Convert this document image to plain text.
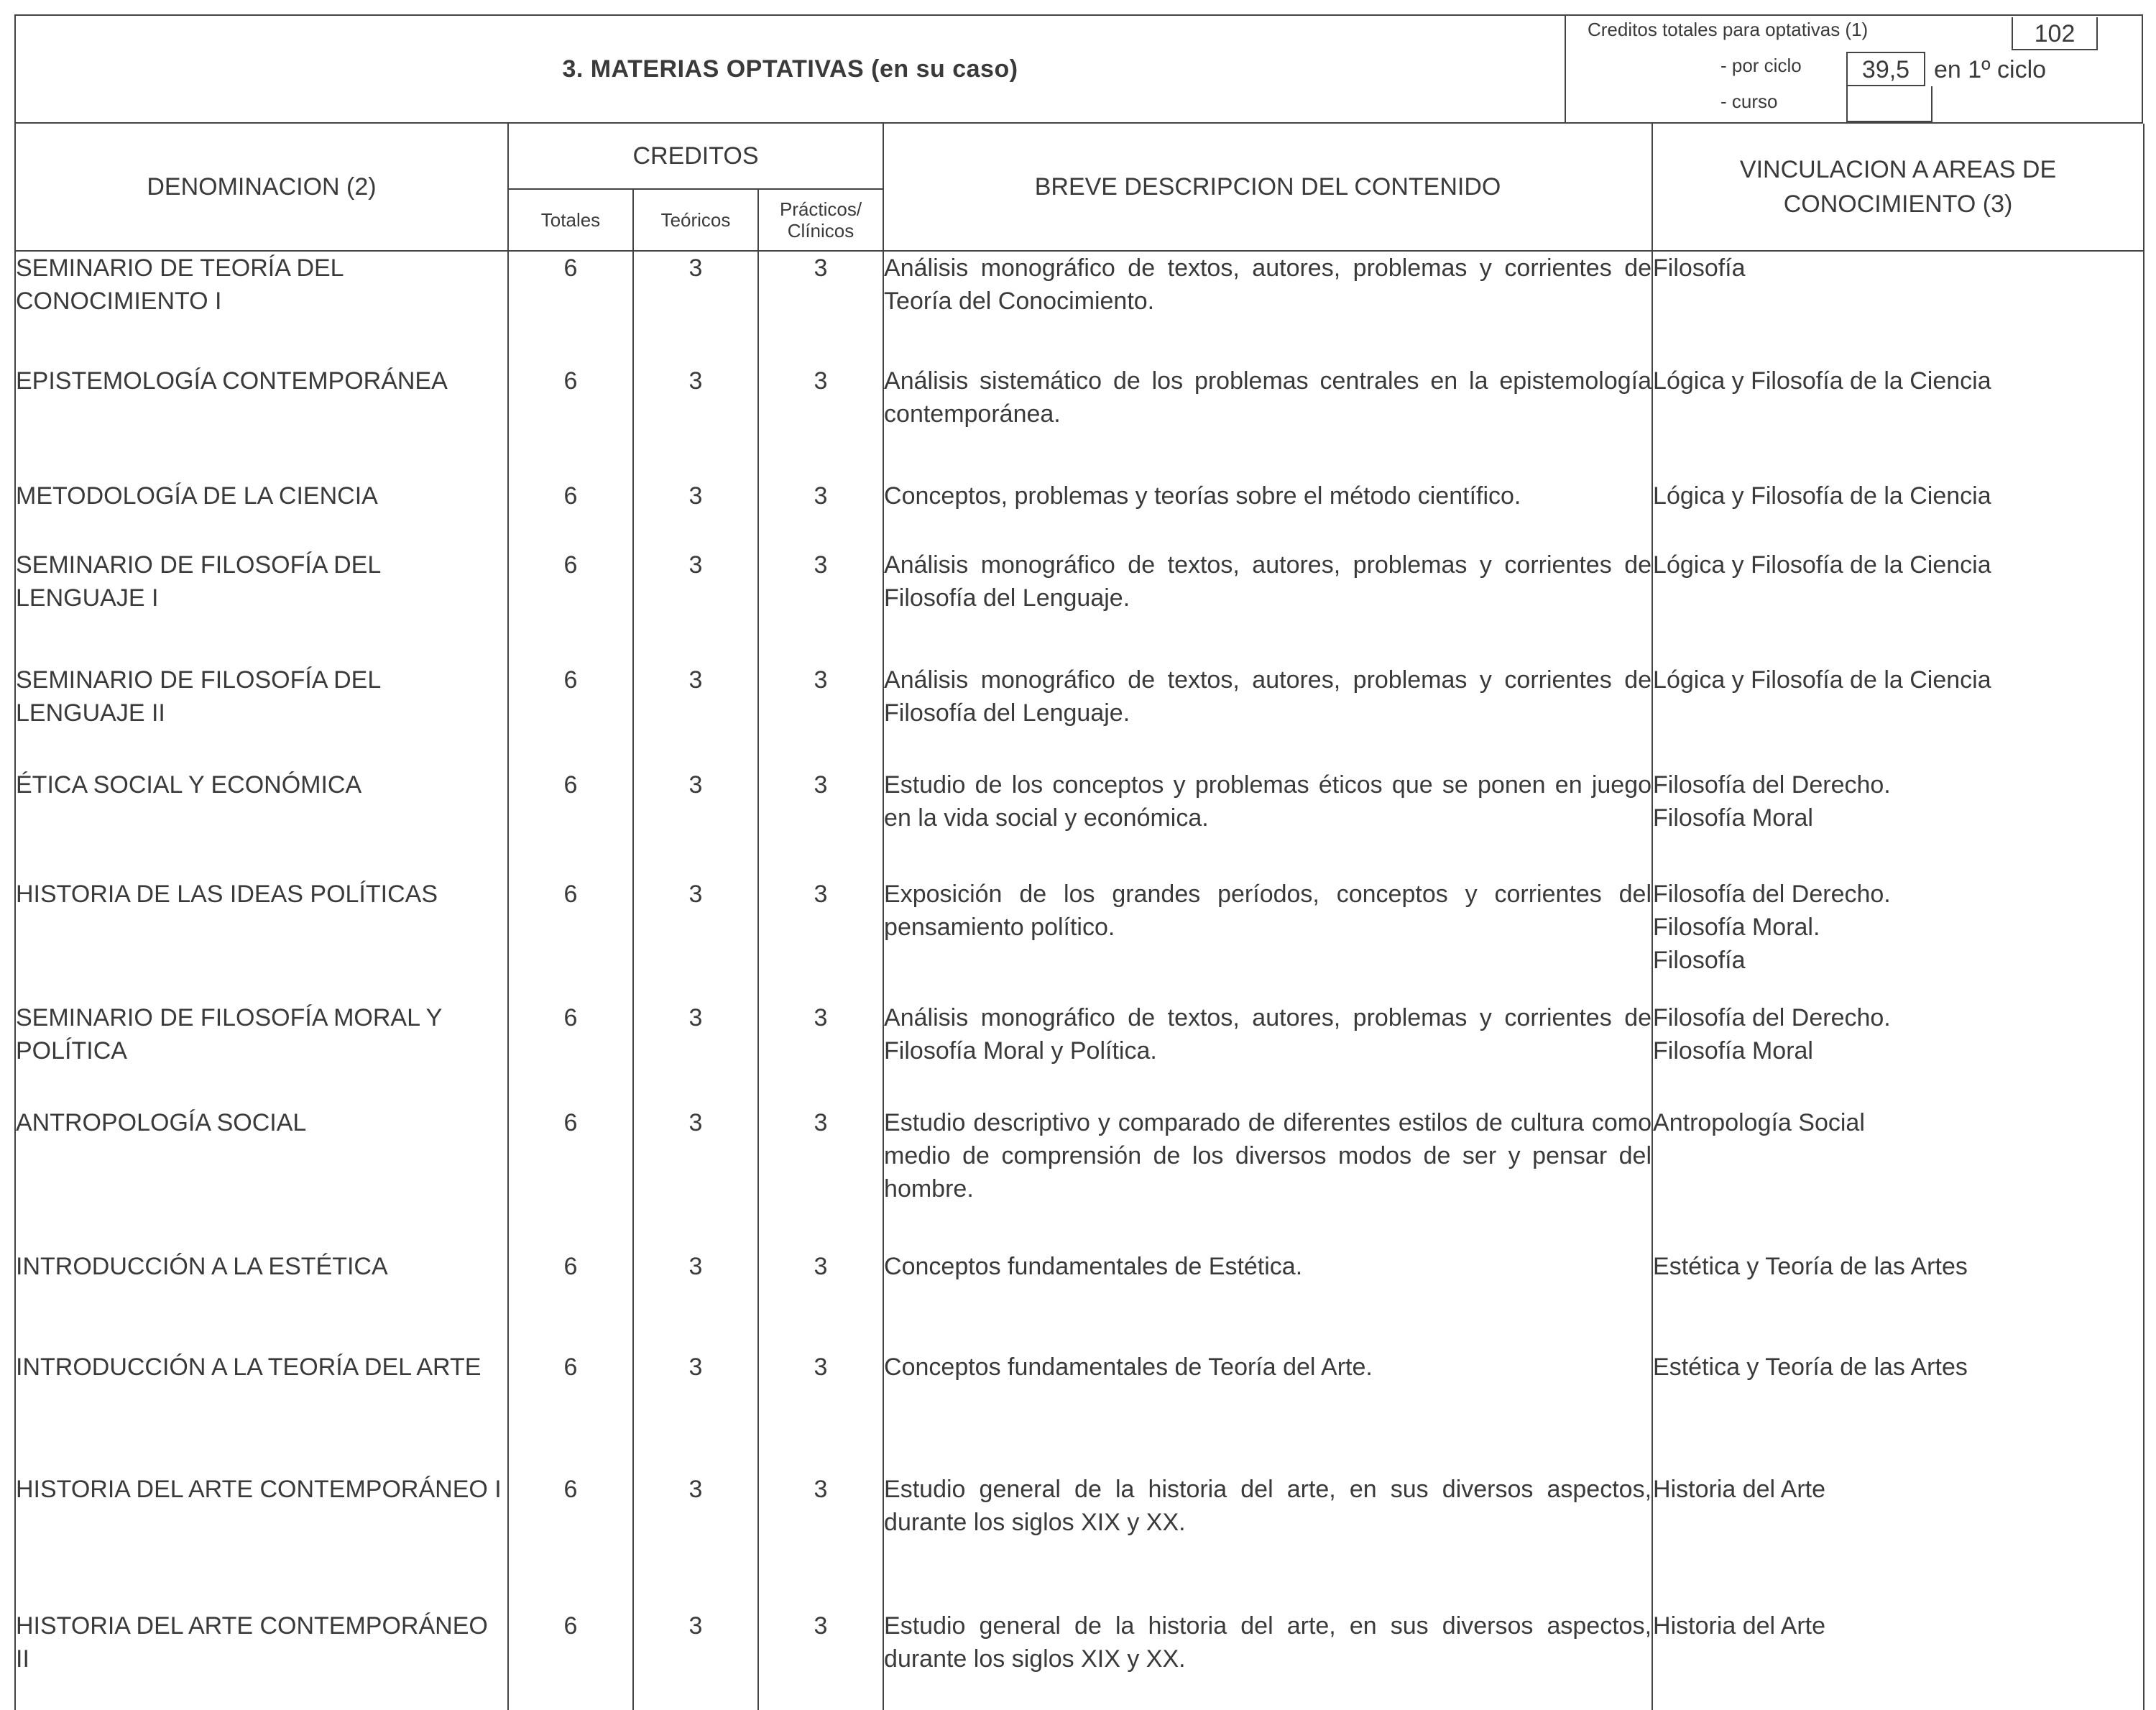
3. MATERIAS OPTATIVAS (en su caso)
Creditos totales para optativas (1)	102
- por ciclo	39,5 en 1º ciclo
- curso
DENOMINACION (2)	CREDITOS			BREVE DESCRIPCION DEL CONTENIDO	VINCULACION A AREAS DE CONOCIMIENTO (3)
	Totales	Teóricos	Prácticos/ Clínicos		
SEMINARIO DE TEORÍA DEL CONOCIMIENTO I	6	3	3	Análisis monográfico de textos, autores, problemas y corrientes de Teoría del Conocimiento.	Filosofía

EPISTEMOLOGÍA CONTEMPORÁNEA	6	3	3	Análisis sistemático de los problemas centrales en la epistemología contemporánea.	Lógica y Filosofía de la Ciencia

METODOLOGÍA DE LA CIENCIA	6	3	3	Conceptos, problemas y teorías sobre el método científico.	Lógica y Filosofía de la Ciencia

SEMINARIO DE FILOSOFÍA DEL LENGUAJE I	6	3	3	Análisis monográfico de textos, autores, problemas y corrientes de Filosofía del Lenguaje.	Lógica y Filosofía de la Ciencia

SEMINARIO DE FILOSOFÍA DEL LENGUAJE II	6	3	3	Análisis monográfico de textos, autores, problemas y corrientes de Filosofía del Lenguaje.	Lógica y Filosofía de la Ciencia

ÉTICA SOCIAL Y ECONÓMICA	6	3	3	Estudio de los conceptos y problemas éticos que se ponen en juego en la vida social y económica.	Filosofía del Derecho.
Filosofía Moral

HISTORIA DE LAS IDEAS POLÍTICAS	6	3	3	Exposición de los grandes períodos, conceptos y corrientes del pensamiento político.	Filosofía del Derecho.
Filosofía Moral.
Filosofía

SEMINARIO DE FILOSOFÍA MORAL Y POLÍTICA	6	3	3	Análisis monográfico de textos, autores, problemas y corrientes de Filosofía Moral y Política.	Filosofía del Derecho.
Filosofía Moral

ANTROPOLOGÍA SOCIAL	6	3	3	Estudio descriptivo y comparado de diferentes estilos de cultura como medio de comprensión de los diversos modos de ser y pensar del hombre.	Antropología Social

INTRODUCCIÓN A LA ESTÉTICA	6	3	3	Conceptos fundamentales de Estética.	Estética y Teoría de las Artes

INTRODUCCIÓN A LA TEORÍA DEL ARTE	6	3	3	Conceptos fundamentales de Teoría del Arte.	Estética y Teoría de las Artes

HISTORIA DEL ARTE CONTEMPORÁNEO I	6	3	3	Estudio general de la historia del arte, en sus diversos aspectos, durante los siglos XIX y XX.	Historia del Arte

HISTORIA DEL ARTE CONTEMPORÁNEO II	6	3	3	Estudio general de la historia del arte, en sus diversos aspectos, durante los siglos XIX y XX.	Historia del Arte
